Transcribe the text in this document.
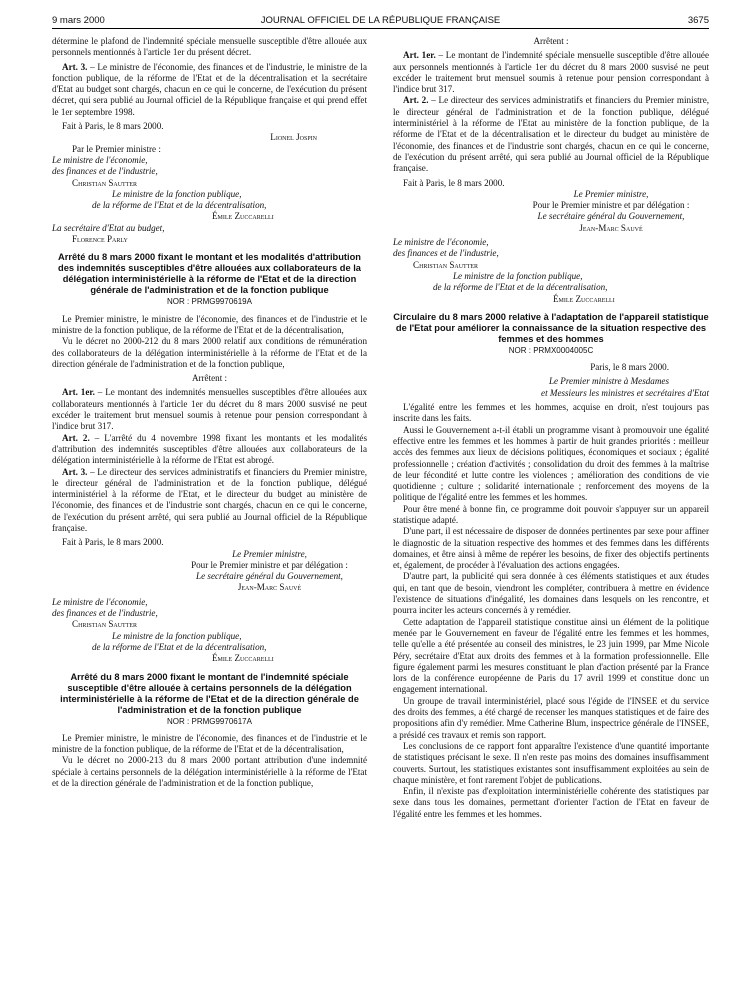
9 mars 2000	JOURNAL OFFICIEL DE LA RÉPUBLIQUE FRANÇAISE	3675

détermine le plafond de l'indemnité spéciale mensuelle susceptible d'être allouée aux personnels mentionnés à l'article 1er du présent décret.

Art. 3. – Le ministre de l'économie, des finances et de l'industrie, le ministre de la fonction publique, de la réforme de l'Etat et de la décentralisation et la secrétaire d'Etat au budget sont chargés, chacun en ce qui le concerne, de l'exécution du présent décret, qui sera publié au Journal officiel de la République française et qui prend effet le 1er septembre 1998.

Fait à Paris, le 8 mars 2000.

Lionel Jospin

Par le Premier ministre :

Le ministre de l'économie,

des finances et de l'industrie,

Christian Sautter

Le ministre de la fonction publique,

de la réforme de l'Etat et de la décentralisation,

Émile Zuccarelli

La secrétaire d'Etat au budget,

Florence Parly

Arrêté du 8 mars 2000 fixant le montant et les modalités d'attribution des indemnités susceptibles d'être allouées aux collaborateurs de la délégation interministérielle à la réforme de l'Etat et de la direction générale de l'administration et de la fonction publique

NOR : PRMG9970619A

Le Premier ministre, le ministre de l'économie, des finances et de l'industrie et le ministre de la fonction publique, de la réforme de l'Etat et de la décentralisation,

Vu le décret no 2000-212 du 8 mars 2000 relatif aux conditions de rémunération des collaborateurs de la délégation interministérielle à la réforme de l'Etat et de la direction générale de l'administration et de la fonction publique,

Arrêtent :

Art. 1er. – Le montant des indemnités mensuelles susceptibles d'être allouées aux collaborateurs mentionnés à l'article 1er du décret du 8 mars 2000 susvisé ne peut excéder le traitement brut mensuel soumis à retenue pour pension correspondant à l'indice brut 317.

Art. 2. – L'arrêté du 4 novembre 1998 fixant les montants et les modalités d'attribution des indemnités susceptibles d'être allouées aux collaborateurs de la délégation interministérielle à la réforme de l'Etat est abrogé.

Art. 3. – Le directeur des services administratifs et financiers du Premier ministre, le directeur général de l'administration et de la fonction publique, délégué interministériel à la réforme de l'Etat, et le directeur du budget au ministère de l'économie, des finances et de l'industrie sont chargés, chacun en ce qui le concerne, de l'exécution du présent arrêté, qui sera publié au Journal officiel de la République française.

Fait à Paris, le 8 mars 2000.

Le Premier ministre,

Pour le Premier ministre et par délégation :

Le secrétaire général du Gouvernement,

Jean-Marc Sauvé

Le ministre de l'économie,

des finances et de l'industrie,

Christian Sautter

Le ministre de la fonction publique,

de la réforme de l'Etat et de la décentralisation,

Émile Zuccarelli

Arrêté du 8 mars 2000 fixant le montant de l'indemnité spéciale susceptible d'être allouée à certains personnels de la délégation interministérielle à la réforme de l'Etat et de la direction générale de l'administration et de la fonction publique

NOR : PRMG9970617A

Le Premier ministre, le ministre de l'économie, des finances et de l'industrie et le ministre de la fonction publique, de la réforme de l'Etat et de la décentralisation,

Vu le décret no 2000-213 du 8 mars 2000 portant attribution d'une indemnité spéciale à certains personnels de la délégation interministérielle à la réforme de l'Etat et de la direction générale de l'administration et de la fonction publique,

Arrêtent :

Art. 1er. – Le montant de l'indemnité spéciale mensuelle susceptible d'être allouée aux personnels mentionnés à l'article 1er du décret du 8 mars 2000 susvisé ne peut excéder le traitement brut mensuel soumis à retenue pour pension correspondant à l'indice brut 317.

Art. 2. – Le directeur des services administratifs et financiers du Premier ministre, le directeur général de l'administration et de la fonction publique, délégué interministériel à la réforme de l'Etat au ministère de la fonction publique, de la réforme de l'Etat et de la décentralisation et le directeur du budget au ministère de l'économie, des finances et de l'industrie sont chargés, chacun en ce qui le concerne, de l'exécution du présent arrêté, qui sera publié au Journal officiel de la République française.

Fait à Paris, le 8 mars 2000.

Le Premier ministre,

Pour le Premier ministre et par délégation :

Le secrétaire général du Gouvernement,

Jean-Marc Sauvé

Le ministre de l'économie,

des finances et de l'industrie,

Christian Sautter

Le ministre de la fonction publique,

de la réforme de l'Etat et de la décentralisation,

Émile Zuccarelli

Circulaire du 8 mars 2000 relative à l'adaptation de l'appareil statistique de l'Etat pour améliorer la connaissance de la situation respective des femmes et des hommes

NOR : PRMX0004005C

Paris, le 8 mars 2000.

Le Premier ministre à Mesdames

et Messieurs les ministres et secrétaires d'Etat

L'égalité entre les femmes et les hommes, acquise en droit, n'est toujours pas inscrite dans les faits.

Aussi le Gouvernement a-t-il établi un programme visant à promouvoir une égalité effective entre les femmes et les hommes à partir de huit grandes priorités : meilleur accès des femmes aux lieux de décisions politiques, économiques et sociaux ; égalité professionnelle ; création d'activités ; consolidation du droit des femmes à la maîtrise de leur fécondité et lutte contre les violences ; amélioration des conditions de vie quotidienne ; culture ; solidarité internationale ; renforcement des moyens de la politique de l'égalité entre les femmes et les hommes.

Pour être mené à bonne fin, ce programme doit pouvoir s'appuyer sur un appareil statistique adapté.

D'une part, il est nécessaire de disposer de données pertinentes par sexe pour affiner le diagnostic de la situation respective des hommes et des femmes dans les différents domaines, et être ainsi à même de repérer les besoins, de fixer des objectifs pertinents et, également, de procéder à l'évaluation des actions engagées.

D'autre part, la publicité qui sera donnée à ces éléments statistiques et aux études qui, en tant que de besoin, viendront les compléter, contribuera à mettre en évidence l'existence de situations d'inégalité, les domaines dans lesquels on les rencontre, et pourra inciter les acteurs concernés à y remédier.

Cette adaptation de l'appareil statistique constitue ainsi un élément de la politique menée par le Gouvernement en faveur de l'égalité entre les femmes et les hommes, telle qu'elle a été présentée au conseil des ministres, le 23 juin 1999, par Mme Nicole Péry, secrétaire d'Etat aux droits des femmes et à la formation professionnelle. Elle figure également parmi les mesures constituant le plan d'action présenté par la France lors de la conférence européenne de Paris du 17 avril 1999 et constitue donc un engagement international.

Un groupe de travail interministériel, placé sous l'égide de l'INSEE et du service des droits des femmes, a été chargé de recenser les manques statistiques et de faire des propositions afin d'y remédier. Mme Catherine Blum, inspectrice générale de l'INSEE, a présidé ces travaux et remis son rapport.

Les conclusions de ce rapport font apparaître l'existence d'une quantité importante de statistiques précisant le sexe. Il n'en reste pas moins des domaines insuffisamment couverts. Surtout, les statistiques existantes sont insuffisamment exploitées au sein de chaque ministère, et font rarement l'objet de publications.

Enfin, il n'existe pas d'exploitation interministérielle cohérente des statistiques par sexe dans tous les domaines, permettant d'orienter l'action de l'Etat en faveur de l'égalité entre les femmes et les hommes.
